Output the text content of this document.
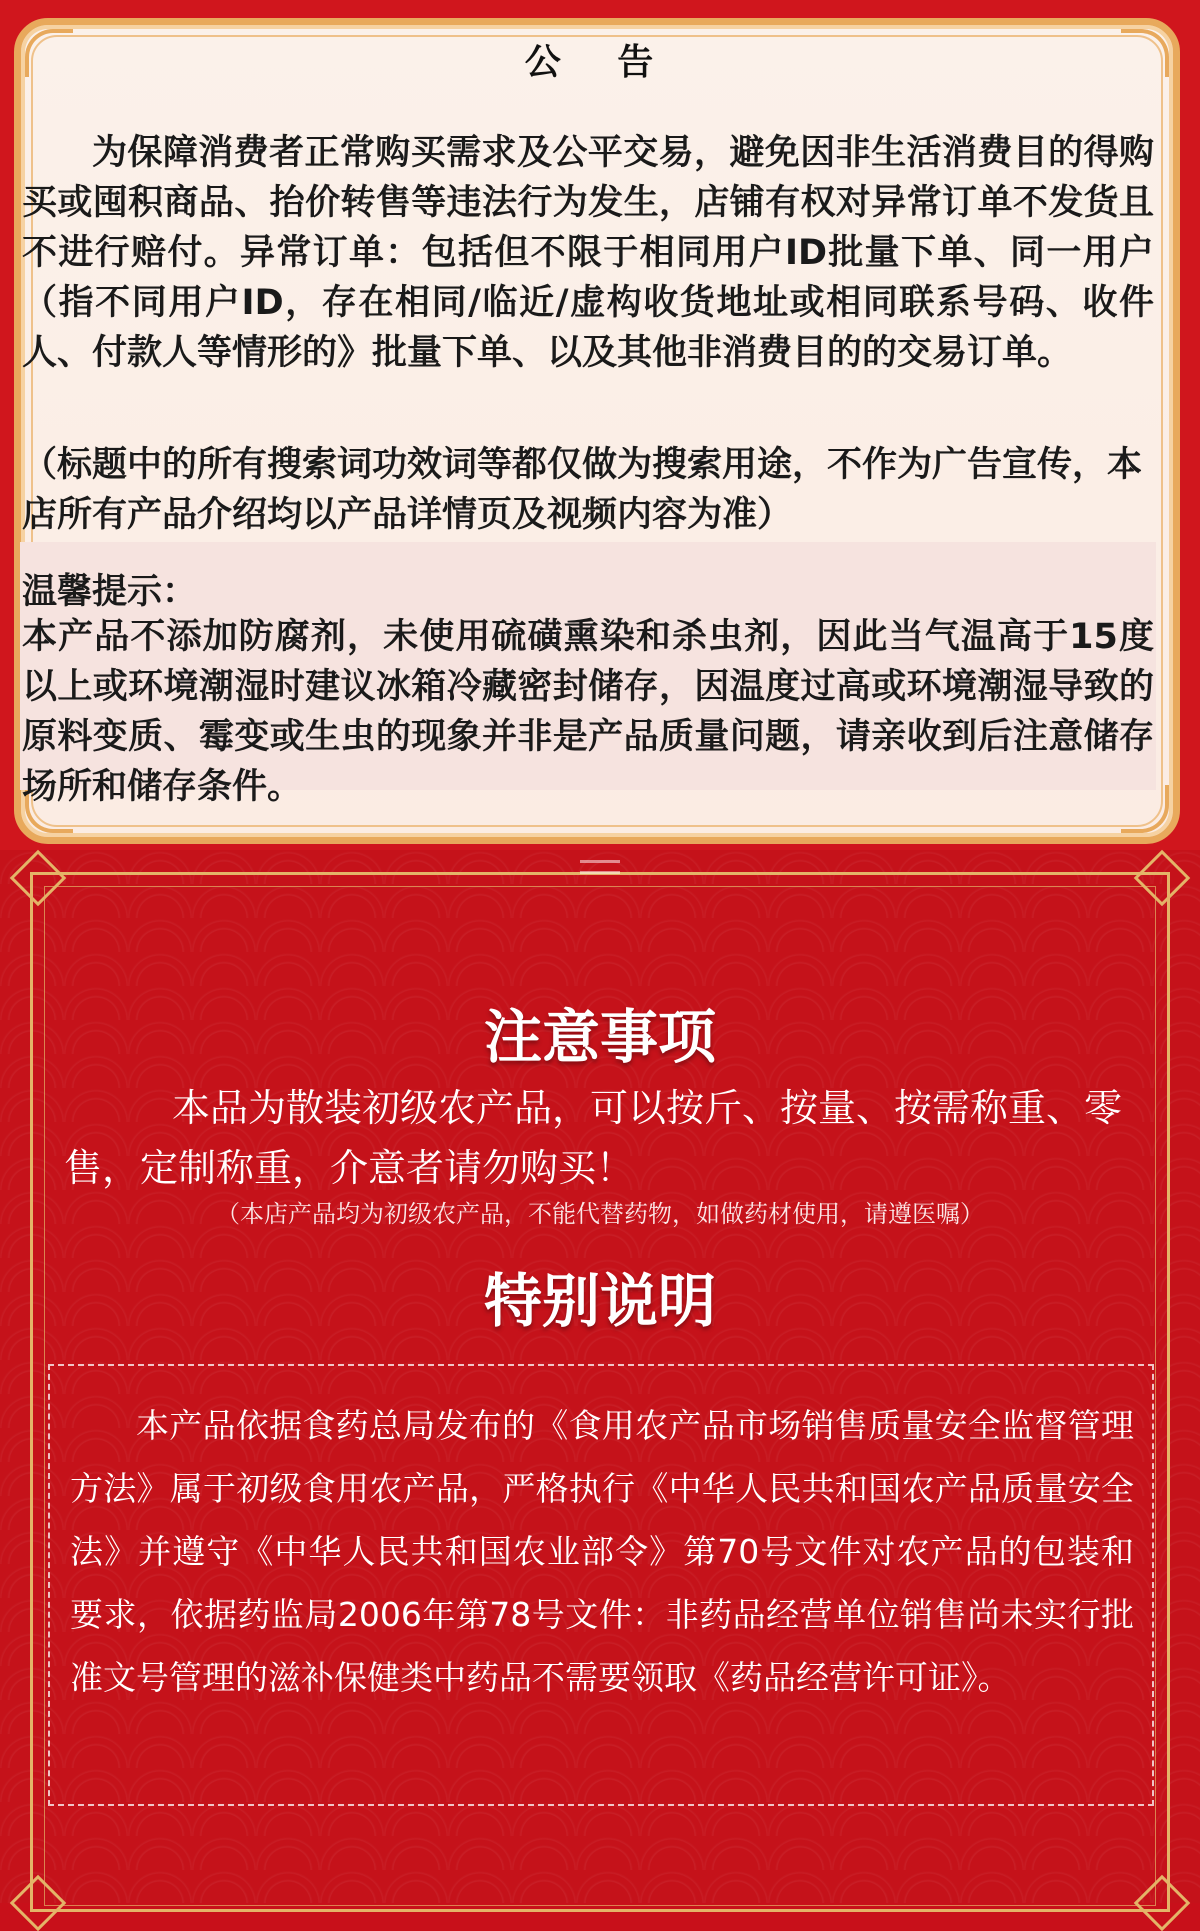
公 告
为保障消费者正常购买需求及公平交易，避免因非生活消费目的得购买或囤积商品、抬价转售等违法行为发生，店铺有权对异常订单不发货且不进行赔付。异常订单：包括但不限于相同用户ID批量下单、同一用户（指不同用户ID，存在相同/临近/虚构收货地址或相同联系号码、收件人、付款人等情形的》批量下单、以及其他非消费目的的交易订单。
（标题中的所有搜索词功效词等都仅做为搜索用途，不作为广告宣传，本店所有产品介绍均以产品详情页及视频内容为准）
温馨提示：
本产品不添加防腐剂，未使用硫磺熏染和杀虫剂，因此当气温高于15度以上或环境潮湿时建议冰箱冷藏密封储存，因温度过高或环境潮湿导致的原料变质、霉变或生虫的现象并非是产品质量问题，请亲收到后注意储存场所和储存条件。
注意事项
本品为散装初级农产品，可以按斤、按量、按需称重、零售，定制称重，介意者请勿购买！
（本店产品均为初级农产品，不能代替药物，如做药材使用，请遵医嘱）
特别说明
本产品依据食药总局发布的《食用农产品市场销售质量安全监督管理方法》属于初级食用农产品，严格执行《中华人民共和国农产品质量安全法》并遵守《中华人民共和国农业部令》第70号文件对农产品的包装和要求，依据药监局2006年第78号文件：非药品经营单位销售尚未实行批准文号管理的滋补保健类中药品不需要领取《药品经营许可证》。
